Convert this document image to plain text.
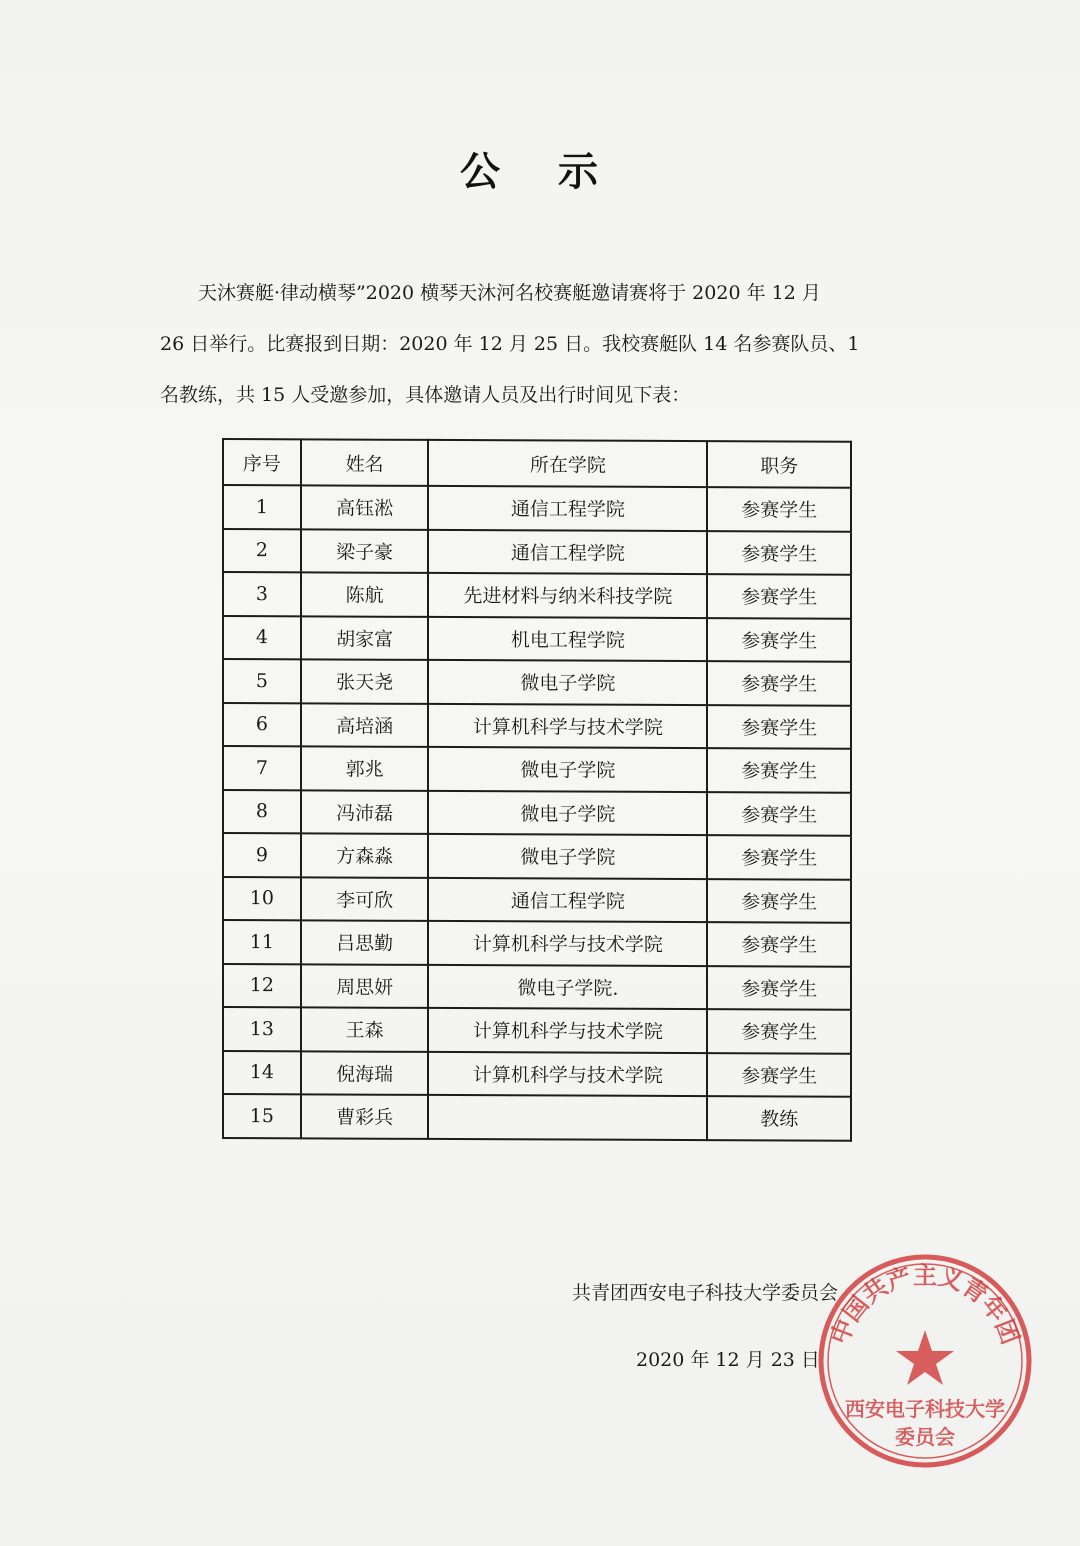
公 示
天沐赛艇·律动横琴”2020 横琴天沐河名校赛艇邀请赛将于 2020 年 12 月
26 日举行。比赛报到日期：2020 年 12 月 25 日。我校赛艇队 14 名参赛队员、1
名教练，共 15 人受邀参加，具体邀请人员及出行时间见下表：
序号	姓名	所在学院	职务
1	高钰淞	通信工程学院	参赛学生
2	梁子豪	通信工程学院	参赛学生
3	陈航	先进材料与纳米科技学院	参赛学生
4	胡家富	机电工程学院	参赛学生
5	张天尧	微电子学院	参赛学生
6	高培涵	计算机科学与技术学院	参赛学生
7	郭兆	微电子学院	参赛学生
8	冯沛磊	微电子学院	参赛学生
9	方森淼	微电子学院	参赛学生
10	李可欣	通信工程学院	参赛学生
11	吕思勤	计算机科学与技术学院	参赛学生
12	周思妍	微电子学院.	参赛学生
13	王森	计算机科学与技术学院	参赛学生
14	倪海瑞	计算机科学与技术学院	参赛学生
15	曹彩兵		教练
共青团西安电子科技大学委员会
2020 年 12 月 23 日
中国共产主义青年团
西安电子科技大学
委员会
